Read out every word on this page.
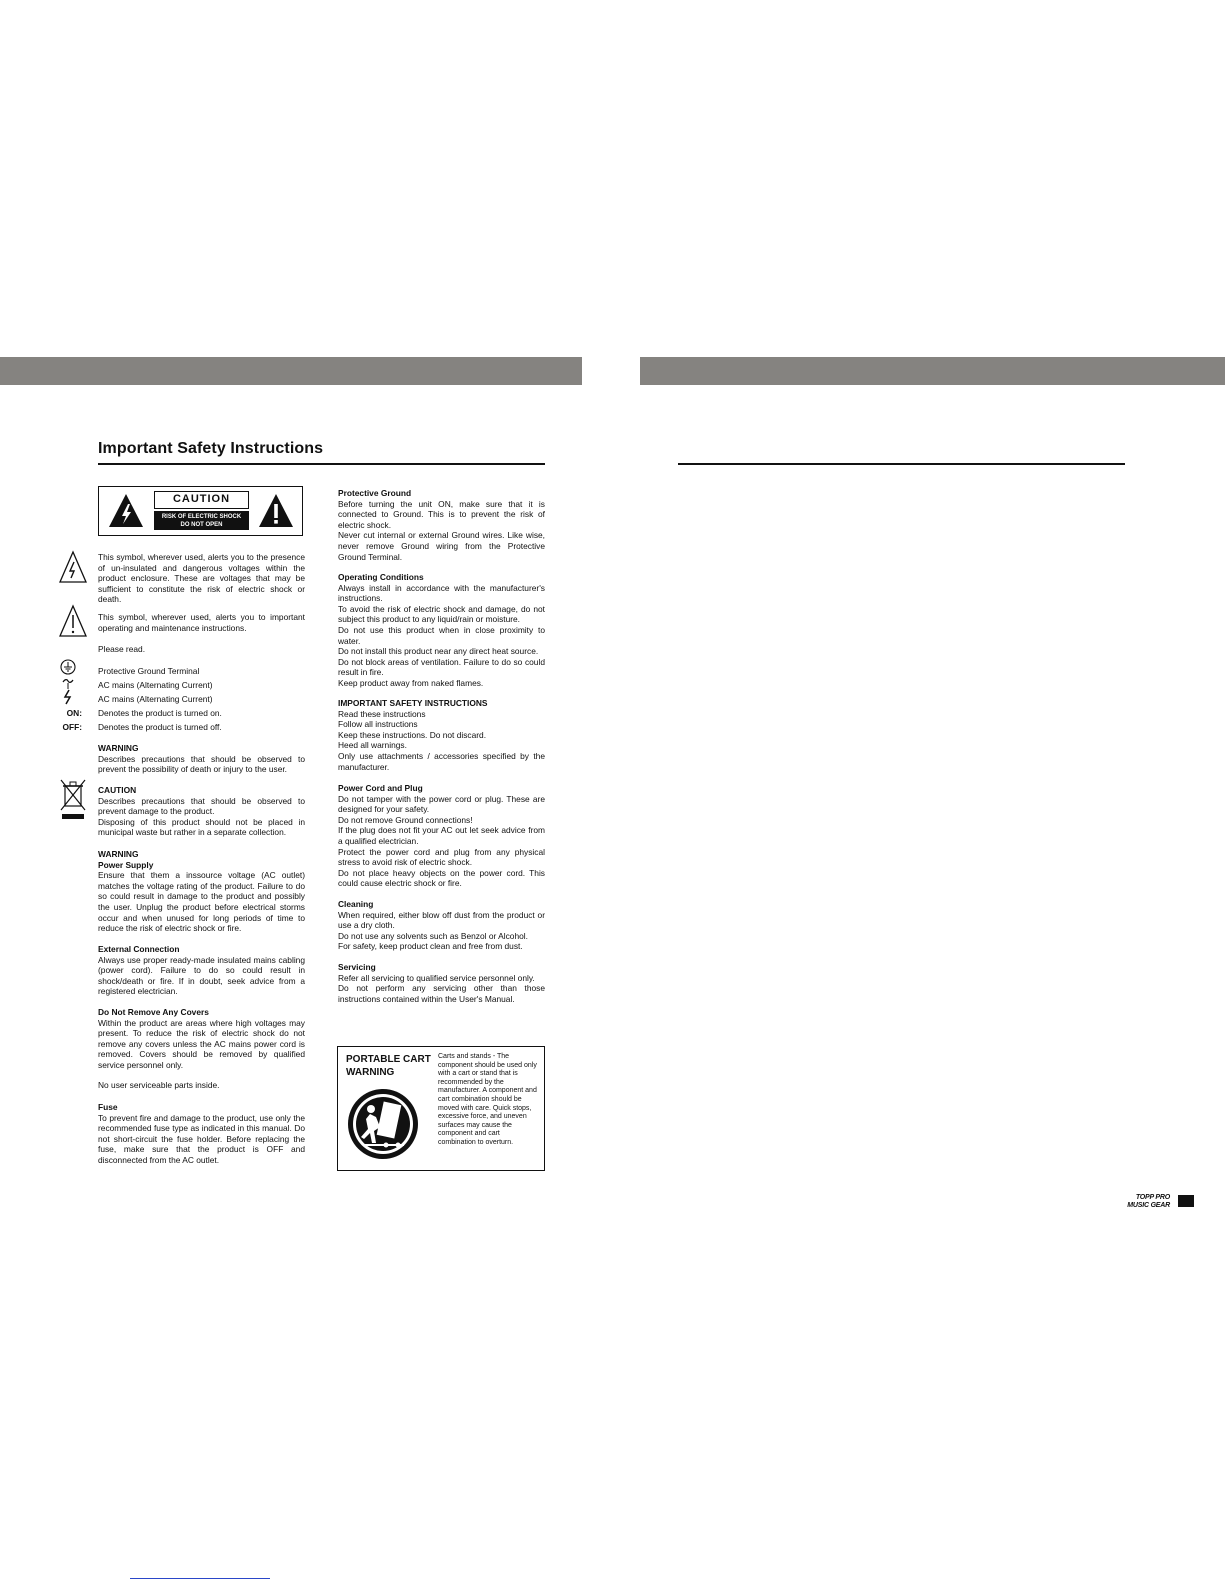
Important Safety Instructions
CAUTION
RISK OF ELECTRIC SHOCK
DO NOT OPEN
This symbol, wherever used, alerts you to the presence of un-insulated and dangerous voltages within the product enclosure. These are voltages that may be sufficient to constitute the risk of electric shock or death.
This symbol, wherever used, alerts you to important operating and maintenance instructions.
Please read.
Protective Ground Terminal
AC mains (Alternating Current)
AC mains (Alternating Current)
ON: Denotes the product is turned on.
OFF: Denotes the product is turned off.
WARNING
Describes precautions that should be observed to prevent the possibility of death or injury to the user.
CAUTION
Describes precautions that should be observed to prevent damage to the product.
Disposing of this product should not be placed in municipal waste but rather in a separate collection.
WARNING
Power Supply
Ensure that them a inssource voltage (AC outlet) matches the voltage rating of the product. Failure to do so could result in damage to the product and possibly the user. Unplug the product before electrical storms occur and when unused for long periods of time to reduce the risk of electric shock or fire.
External Connection
Always use proper ready-made insulated mains cabling (power cord). Failure to do so could result in shock/death or fire. If in doubt, seek advice from a registered electrician.
Do Not Remove Any Covers
Within the product are areas where high voltages may present. To reduce the risk of electric shock do not remove any covers unless the AC mains power cord is removed. Covers should be removed by qualified service personnel only.
No user serviceable parts inside.
Fuse
To prevent fire and damage to the product, use only the recommended fuse type as indicated in this manual. Do not short-circuit the fuse holder. Before replacing the fuse, make sure that the product is OFF and disconnected from the AC outlet.
Protective Ground
Before turning the unit ON, make sure that it is connected to Ground. This is to prevent the risk of electric shock.
Never cut internal or external Ground wires. Like wise, never remove Ground wiring from the Protective Ground Terminal.
Operating Conditions
Always install in accordance with the manufacturer's instructions.
To avoid the risk of electric shock and damage, do not subject this product to any liquid/rain or moisture.
Do not use this product when in close proximity to water.
Do not install this product near any direct heat source.
Do not block areas of ventilation. Failure to do so could result in fire.
Keep product away from naked flames.
IMPORTANT SAFETY INSTRUCTIONS
Read these instructions
Follow all instructions
Keep these instructions. Do not discard.
Heed all warnings.
Only use attachments / accessories specified by the manufacturer.
Power Cord and Plug
Do not tamper with the power cord or plug. These are designed for your safety.
Do not remove Ground connections!
If the plug does not fit your AC out let seek advice from a qualified electrician.
Protect the power cord and plug from any physical stress to avoid risk of electric shock.
Do not place heavy objects on the power cord. This could cause electric shock or fire.
Cleaning
When required, either blow off dust from the product or use a dry cloth.
Do not use any solvents such as Benzol or Alcohol.
For safety, keep product clean and free from dust.
Servicing
Refer all servicing to qualified service personnel only.
Do not perform any servicing other than those instructions contained within the User's Manual.
PORTABLE CART WARNING
Carts and stands - The component should be used only with a cart or stand that is recommended by the manufacturer. A component and cart combination should be moved with care. Quick stops, excessive force, and uneven surfaces may cause the component and cart combination to overturn.
TOPP PRO
MUSIC GEAR
